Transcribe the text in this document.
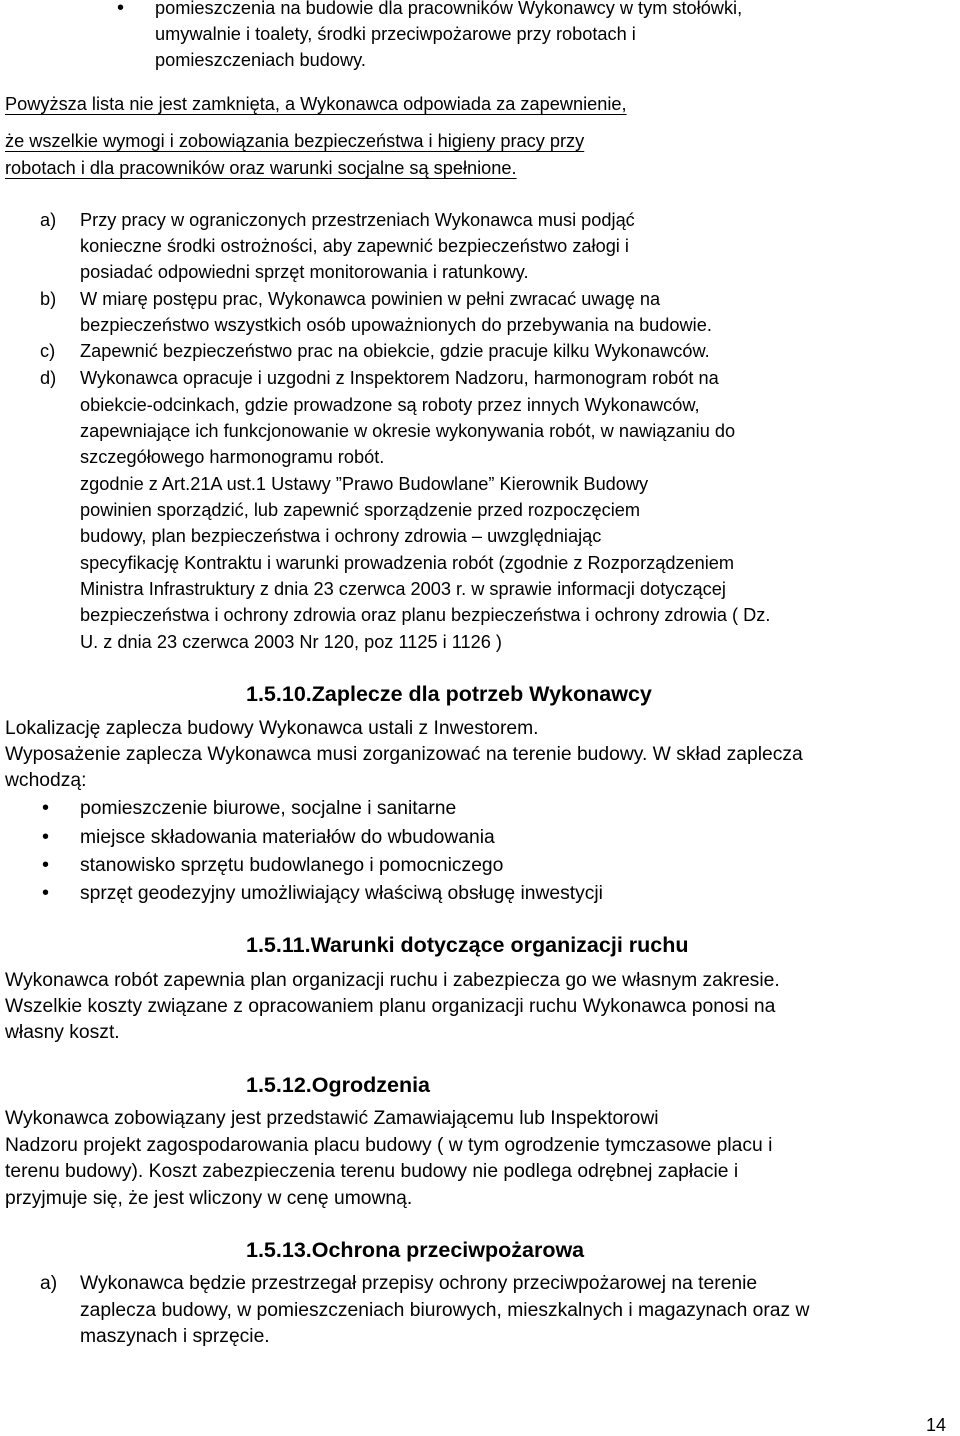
• pomieszczenia na budowie dla pracowników Wykonawcy w tym stołówki,
umywalnie i toalety, środki przeciwpożarowe przy robotach i
pomieszczeniach budowy.
Powyższa lista nie jest zamknięta, a Wykonawca odpowiada za zapewnienie,
że wszelkie wymogi i zobowiązania bezpieczeństwa i higieny pracy przy
robotach i dla pracowników oraz warunki socjalne są spełnione.
a) Przy pracy w ograniczonych przestrzeniach Wykonawca musi podjąć
konieczne środki ostrożności, aby zapewnić bezpieczeństwo załogi i
posiadać odpowiedni sprzęt monitorowania i ratunkowy.
b) W miarę postępu prac, Wykonawca powinien w pełni zwracać uwagę na
bezpieczeństwo wszystkich osób upoważnionych do przebywania na budowie.
c) Zapewnić bezpieczeństwo prac na obiekcie, gdzie pracuje kilku Wykonawców.
d) Wykonawca opracuje i uzgodni z Inspektorem Nadzoru, harmonogram robót na
obiekcie-odcinkach, gdzie prowadzone są roboty przez innych Wykonawców,
zapewniające ich funkcjonowanie w okresie wykonywania robót, w nawiązaniu do
szczegółowego harmonogramu robót.
zgodnie z Art.21A ust.1 Ustawy ”Prawo Budowlane” Kierownik Budowy
powinien sporządzić, lub zapewnić sporządzenie przed rozpoczęciem
budowy, plan bezpieczeństwa i ochrony zdrowia – uwzględniając
specyfikację Kontraktu i warunki prowadzenia robót (zgodnie z Rozporządzeniem
Ministra Infrastruktury z dnia 23 czerwca 2003 r. w sprawie informacji dotyczącej
bezpieczeństwa i ochrony zdrowia oraz planu bezpieczeństwa i ochrony zdrowia ( Dz.
U. z dnia 23 czerwca 2003 Nr 120, poz 1125 i 1126 )
1.5.10.Zaplecze dla potrzeb Wykonawcy
Lokalizację zaplecza budowy Wykonawca ustali z Inwestorem.
Wyposażenie zaplecza Wykonawca musi zorganizować na terenie budowy. W skład zaplecza
wchodzą:
• pomieszczenie biurowe, socjalne i sanitarne
• miejsce składowania materiałów do wbudowania
• stanowisko sprzętu budowlanego i pomocniczego
• sprzęt geodezyjny umożliwiający właściwą obsługę inwestycji
1.5.11.Warunki dotyczące organizacji ruchu
Wykonawca robót zapewnia plan organizacji ruchu i zabezpiecza go we własnym zakresie.
Wszelkie koszty związane z opracowaniem planu organizacji ruchu Wykonawca ponosi na
własny koszt.
1.5.12.Ogrodzenia
Wykonawca zobowiązany jest przedstawić Zamawiającemu lub Inspektorowi
Nadzoru projekt zagospodarowania placu budowy ( w tym ogrodzenie tymczasowe placu i
terenu budowy). Koszt zabezpieczenia terenu budowy nie podlega odrębnej zapłacie i
przyjmuje się, że jest wliczony w cenę umowną.
1.5.13.Ochrona przeciwpożarowa
a) Wykonawca będzie przestrzegał przepisy ochrony przeciwpożarowej na terenie
zaplecza budowy, w pomieszczeniach biurowych, mieszkalnych i magazynach oraz w
maszynach i sprzęcie.
14
